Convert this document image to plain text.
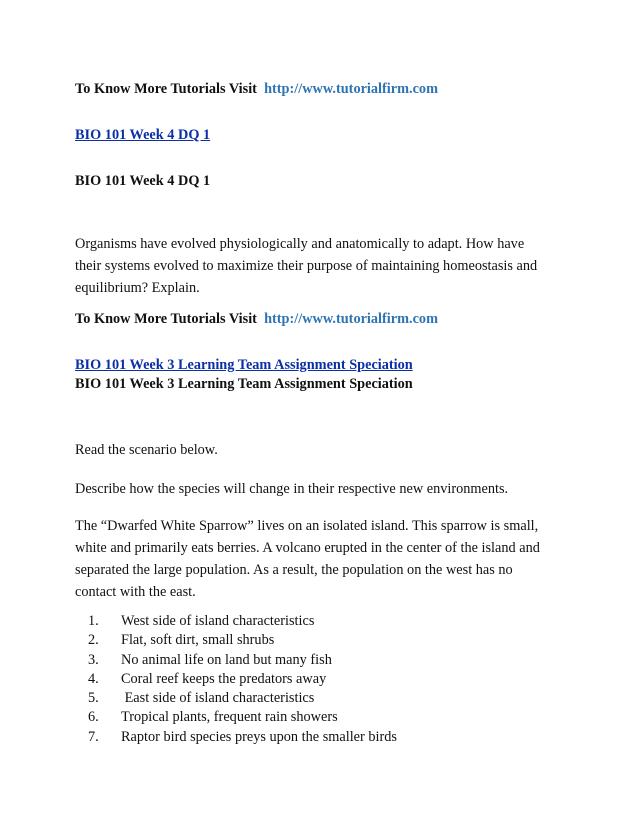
To Know More Tutorials Visit http://www.tutorialfirm.com
BIO 101 Week 4 DQ 1
BIO 101 Week 4 DQ 1
Organisms have evolved physiologically and anatomically to adapt. How have
their systems evolved to maximize their purpose of maintaining homeostasis and
equilibrium? Explain.
To Know More Tutorials Visit http://www.tutorialfirm.com
BIO 101 Week 3 Learning Team Assignment Speciation
BIO 101 Week 3 Learning Team Assignment Speciation
Read the scenario below.
Describe how the species will change in their respective new environments.
The “Dwarfed White Sparrow” lives on an isolated island. This sparrow is small,
white and primarily eats berries. A volcano erupted in the center of the island and
separated the large population. As a result, the population on the west has no
contact with the east.
1.	West side of island characteristics
2.	Flat, soft dirt, small shrubs
3.	No animal life on land but many fish
4.	Coral reef keeps the predators away
5.	East side of island characteristics
6.	Tropical plants, frequent rain showers
7.	Raptor bird species preys upon the smaller birds
